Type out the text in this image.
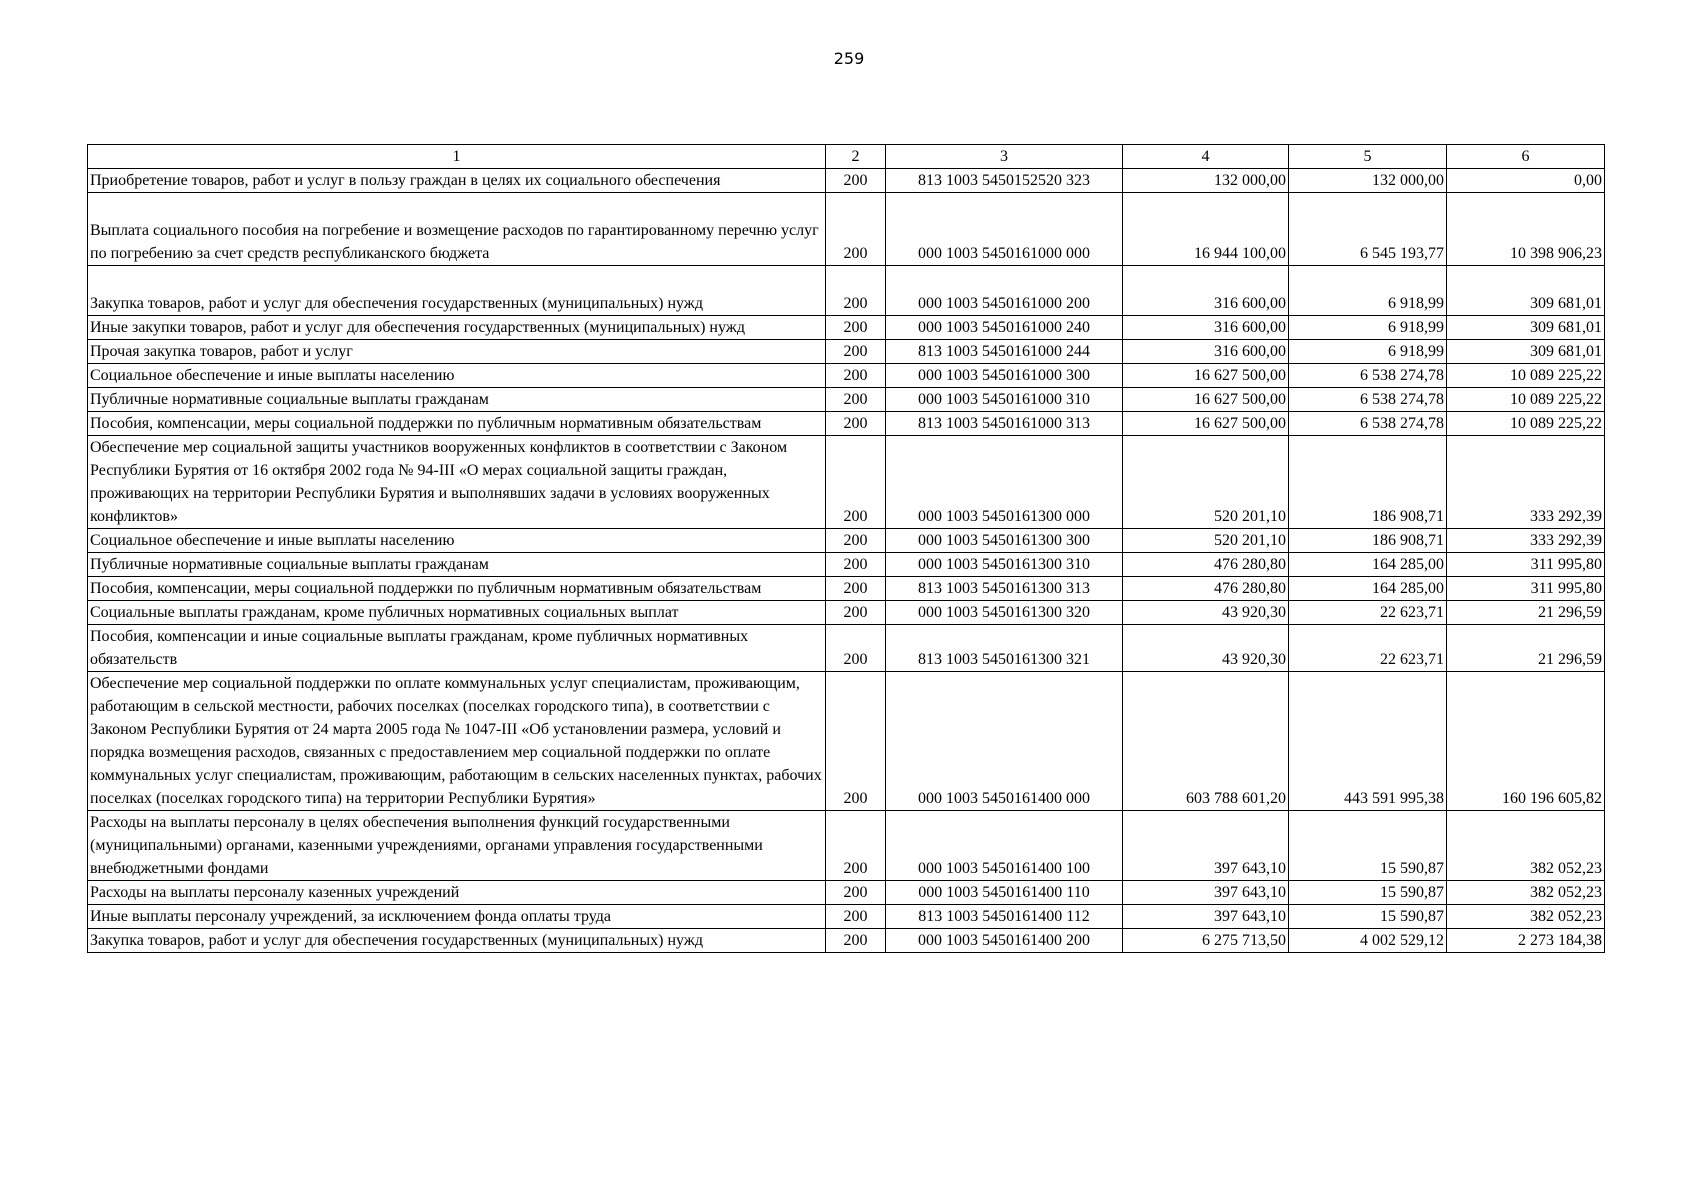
259
1	2	3	4	5	6
Приобретение товаров, работ и услуг в пользу граждан в целях их социального обеспечения	200	813 1003 5450152520 323	132 000,00	132 000,00	0,00
Выплата социального пособия на погребение и возмещение расходов по гарантированному перечню услуг по погребению за счет средств республиканского бюджета	200	000 1003 5450161000 000	16 944 100,00	6 545 193,77	10 398 906,23
Закупка товаров, работ и услуг для обеспечения государственных (муниципальных) нужд	200	000 1003 5450161000 200	316 600,00	6 918,99	309 681,01
Иные закупки товаров, работ и услуг для обеспечения государственных (муниципальных) нужд	200	000 1003 5450161000 240	316 600,00	6 918,99	309 681,01
Прочая закупка товаров, работ и услуг	200	813 1003 5450161000 244	316 600,00	6 918,99	309 681,01
Социальное обеспечение и иные выплаты населению	200	000 1003 5450161000 300	16 627 500,00	6 538 274,78	10 089 225,22
Публичные нормативные социальные выплаты гражданам	200	000 1003 5450161000 310	16 627 500,00	6 538 274,78	10 089 225,22
Пособия, компенсации, меры социальной поддержки по публичным нормативным обязательствам	200	813 1003 5450161000 313	16 627 500,00	6 538 274,78	10 089 225,22
Обеспечение мер социальной защиты участников вооруженных конфликтов в соответствии с Законом Республики Бурятия от 16 октября 2002 года № 94-III «О мерах социальной защиты граждан, проживающих на территории Республики Бурятия и выполнявших задачи в условиях вооруженных конфликтов»	200	000 1003 5450161300 000	520 201,10	186 908,71	333 292,39
Социальное обеспечение и иные выплаты населению	200	000 1003 5450161300 300	520 201,10	186 908,71	333 292,39
Публичные нормативные социальные выплаты гражданам	200	000 1003 5450161300 310	476 280,80	164 285,00	311 995,80
Пособия, компенсации, меры социальной поддержки по публичным нормативным обязательствам	200	813 1003 5450161300 313	476 280,80	164 285,00	311 995,80
Социальные выплаты гражданам, кроме публичных нормативных социальных выплат	200	000 1003 5450161300 320	43 920,30	22 623,71	21 296,59
Пособия, компенсации и иные социальные выплаты гражданам, кроме публичных нормативных обязательств	200	813 1003 5450161300 321	43 920,30	22 623,71	21 296,59
Обеспечение мер социальной поддержки по оплате коммунальных услуг специалистам, проживающим, работающим в сельской местности, рабочих поселках (поселках городского типа), в соответствии с Законом Республики Бурятия от 24 марта 2005 года № 1047-III «Об установлении размера, условий и порядка возмещения расходов, связанных с предоставлением мер социальной поддержки по оплате коммунальных услуг специалистам, проживающим, работающим в сельских населенных пунктах, рабочих поселках (поселках городского типа) на территории Республики Бурятия»	200	000 1003 5450161400 000	603 788 601,20	443 591 995,38	160 196 605,82
Расходы на выплаты персоналу в целях обеспечения выполнения функций государственными (муниципальными) органами, казенными учреждениями, органами управления государственными внебюджетными фондами	200	000 1003 5450161400 100	397 643,10	15 590,87	382 052,23
Расходы на выплаты персоналу казенных учреждений	200	000 1003 5450161400 110	397 643,10	15 590,87	382 052,23
Иные выплаты персоналу учреждений, за исключением фонда оплаты труда	200	813 1003 5450161400 112	397 643,10	15 590,87	382 052,23
Закупка товаров, работ и услуг для обеспечения государственных (муниципальных) нужд	200	000 1003 5450161400 200	6 275 713,50	4 002 529,12	2 273 184,38
